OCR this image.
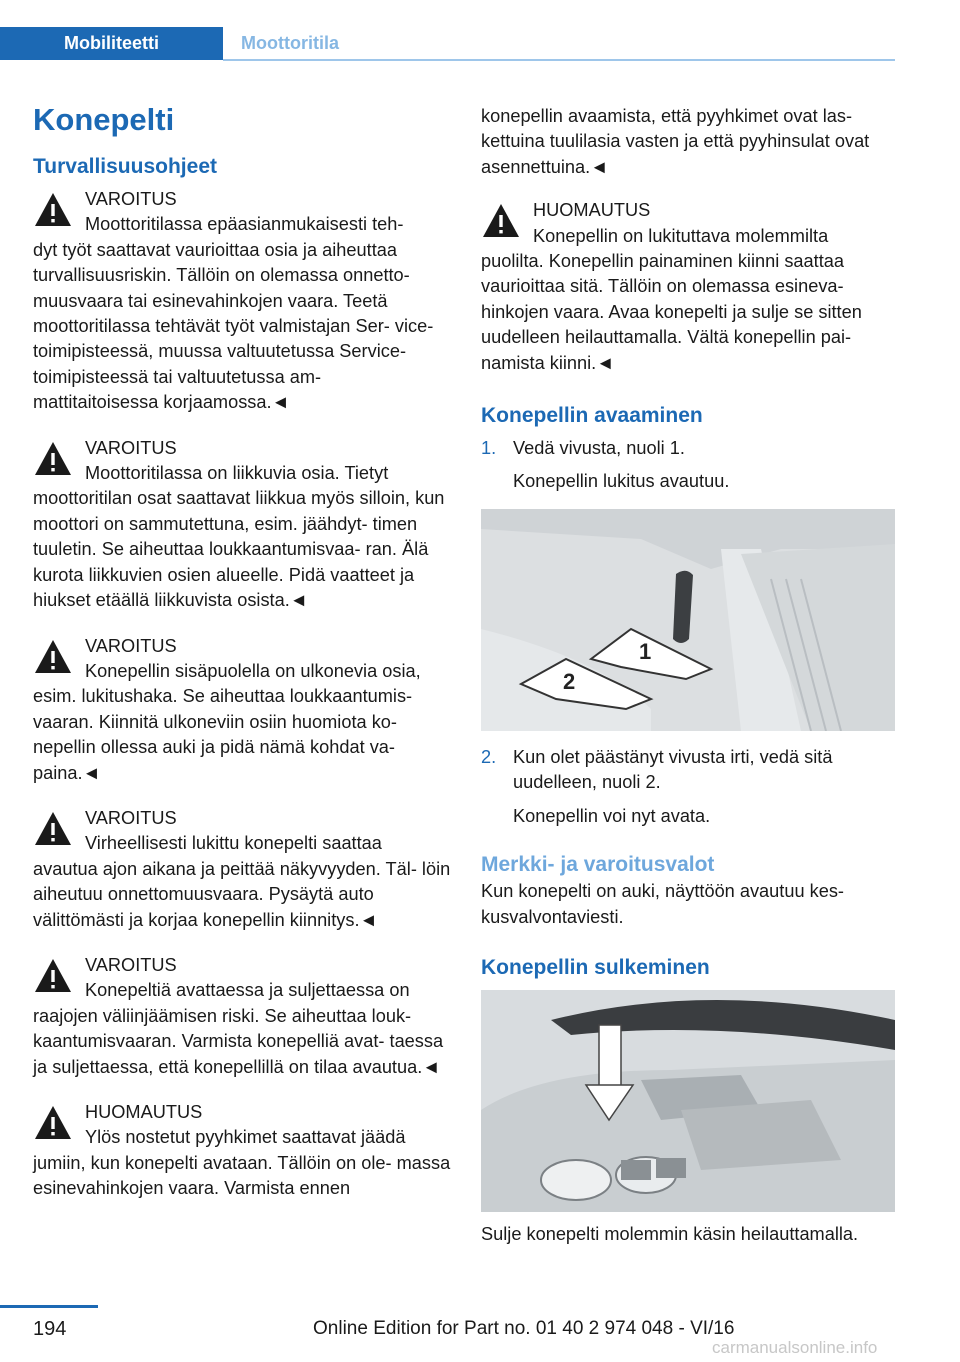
Mobiliteetti	Moottoritila
Konepelti
Turvallisuusohjeet
VAROITUS
Moottoritilassa epäasianmukaisesti teh-
dyt työt saattavat vaurioittaa osia ja aiheuttaa turvallisuusriskin. Tällöin on olemassa onnetto- muusvaara tai esinevahinkojen vaara. Teetä moottoritilassa tehtävät työt valmistajan Ser- vice-toimipisteessä, muussa valtuutetussa Service-toimipisteessä tai valtuutetussa am- mattitaitoisessa korjaamossa.◄
VAROITUS
Moottoritilassa on liikkuvia osia. Tietyt
moottoritilan osat saattavat liikkua myös silloin, kun moottori on sammutettuna, esim. jäähdyt- timen tuuletin. Se aiheuttaa loukkaantumisvaa- ran. Älä kurota liikkuvien osien alueelle. Pidä vaatteet ja hiukset etäällä liikkuvista osista.◄
VAROITUS
Konepellin sisäpuolella on ulkonevia osia,
esim. lukitushaka. Se aiheuttaa loukkaantumis- vaaran. Kiinnitä ulkoneviin osiin huomiota ko- nepellin ollessa auki ja pidä nämä kohdat va- paina.◄
VAROITUS
Virheellisesti lukittu konepelti saattaa
avautua ajon aikana ja peittää näkyvyyden. Täl- löin aiheutuu onnettomuusvaara. Pysäytä auto välittömästi ja korjaa konepellin kiinnitys.◄
VAROITUS
Konepeltiä avattaessa ja suljettaessa on
raajojen väliinjäämisen riski. Se aiheuttaa louk- kaantumisvaaran. Varmista konepelliä avat- taessa ja suljettaessa, että konepellillä on tilaa avautua.◄
HUOMAUTUS
Ylös nostetut pyyhkimet saattavat jäädä
jumiin, kun konepelti avataan. Tällöin on ole- massa esinevahinkojen vaara. Varmista ennen

konepellin avaamista, että pyyhkimet ovat las- kettuina tuulilasia vasten ja että pyyhinsulat ovat asennettuina.◄

HUOMAUTUS
Konepellin on lukituttava molemmilta
puolilta. Konepellin painaminen kiinni saattaa vaurioittaa sitä. Tällöin on olemassa esineva- hinkojen vaara. Avaa konepelti ja sulje se sitten uudelleen heilauttamalla. Vältä konepellin pai- namista kiinni.◄
Konepellin avaaminen
1. Vedä vivusta, nuoli 1.
Konepellin lukitus avautuu.
1
2
2. Kun olet päästänyt vivusta irti, vedä sitä uudelleen, nuoli 2.
Konepellin voi nyt avata.
Merkki- ja varoitusvalot

Kun konepelti on auki, näyttöön avautuu kes- kusvalvontaviesti.

Konepellin sulkeminen

Sulje konepelti molemmin käsin heilauttamalla.

194	Online Edition for Part no. 01 40 2 974 048 - VI/16
carmanualsonline.info
